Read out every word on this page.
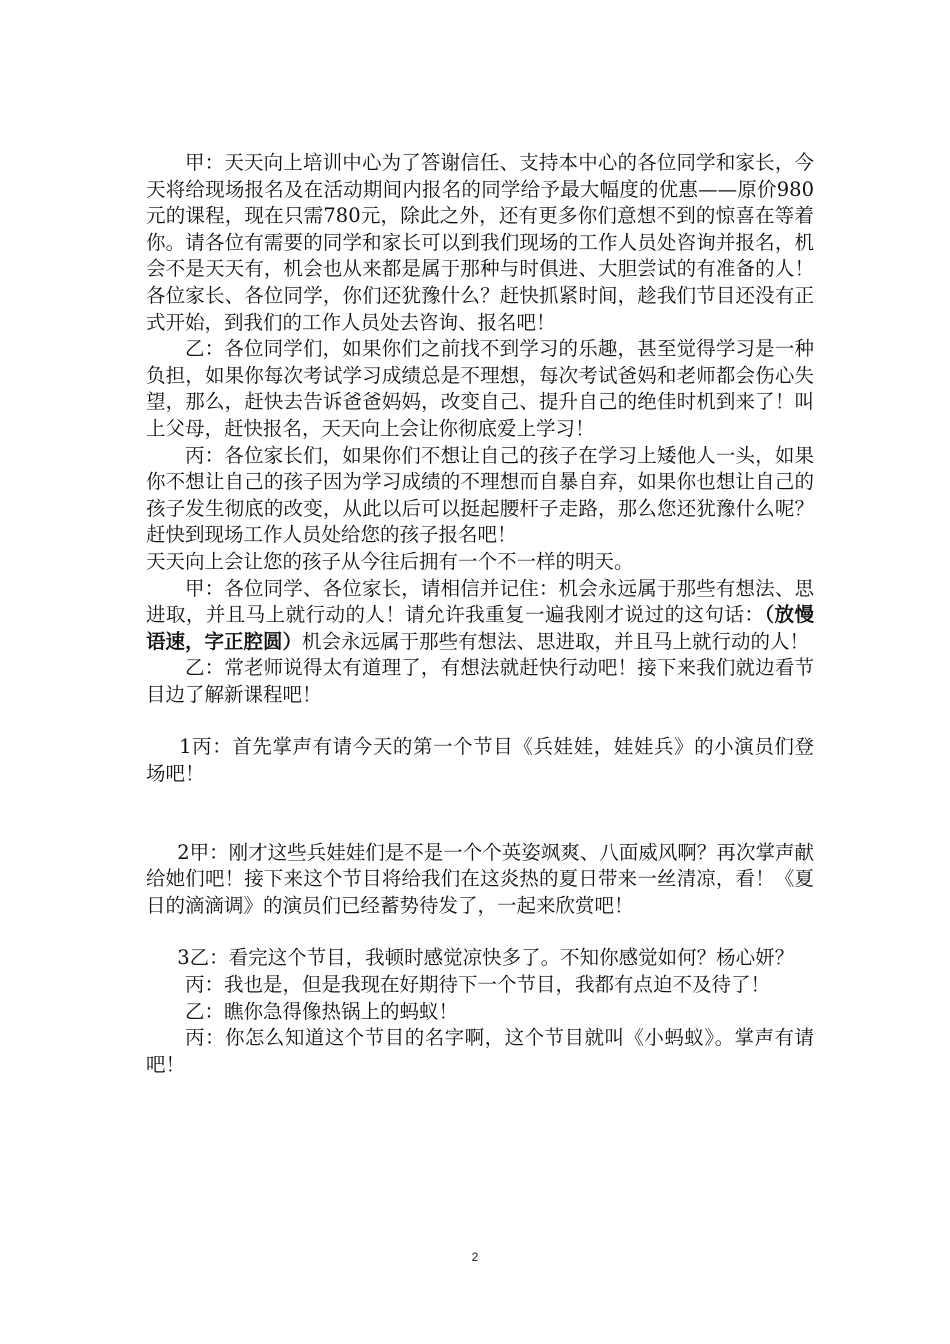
甲：天天向上培训中心为了答谢信任、支持本中心的各位同学和家长，今天将给现场报名及在活动期间内报名的同学给予最大幅度的优惠——原价980元的课程，现在只需780元，除此之外，还有更多你们意想不到的惊喜在等着你。请各位有需要的同学和家长可以到我们现场的工作人员处咨询并报名，机会不是天天有，机会也从来都是属于那种与时俱进、大胆尝试的有准备的人！各位家长、各位同学，你们还犹豫什么？赶快抓紧时间，趁我们节目还没有正式开始，到我们的工作人员处去咨询、报名吧！

乙：各位同学们，如果你们之前找不到学习的乐趣，甚至觉得学习是一种负担，如果你每次考试学习成绩总是不理想，每次考试爸妈和老师都会伤心失望，那么，赶快去告诉爸爸妈妈，改变自己、提升自己的绝佳时机到来了！叫上父母，赶快报名，天天向上会让你彻底爱上学习！

丙：各位家长们，如果你们不想让自己的孩子在学习上矮他人一头，如果你不想让自己的孩子因为学习成绩的不理想而自暴自弃，如果你也想让自己的孩子发生彻底的改变，从此以后可以挺起腰杆子走路，那么您还犹豫什么呢？赶快到现场工作人员处给您的孩子报名吧！

天天向上会让您的孩子从今往后拥有一个不一样的明天。

甲：各位同学、各位家长，请相信并记住：机会永远属于那些有想法、思进取，并且马上就行动的人！请允许我重复一遍我刚才说过的这句话：（放慢语速，字正腔圆）机会永远属于那些有想法、思进取，并且马上就行动的人！

乙：常老师说得太有道理了，有想法就赶快行动吧！接下来我们就边看节目边了解新课程吧！

1丙：首先掌声有请今天的第一个节目《兵娃娃，娃娃兵》的小演员们登场吧！

2甲：刚才这些兵娃娃们是不是一个个英姿飒爽、八面威风啊？再次掌声献给她们吧！接下来这个节目将给我们在这炎热的夏日带来一丝清凉，看！《夏日的滴滴调》的演员们已经蓄势待发了，一起来欣赏吧！

3乙：看完这个节目，我顿时感觉凉快多了。不知你感觉如何？杨心妍？

丙：我也是，但是我现在好期待下一个节目，我都有点迫不及待了！

乙：瞧你急得像热锅上的蚂蚁！

丙：你怎么知道这个节目的名字啊，这个节目就叫《小蚂蚁》。掌声有请吧！

2
